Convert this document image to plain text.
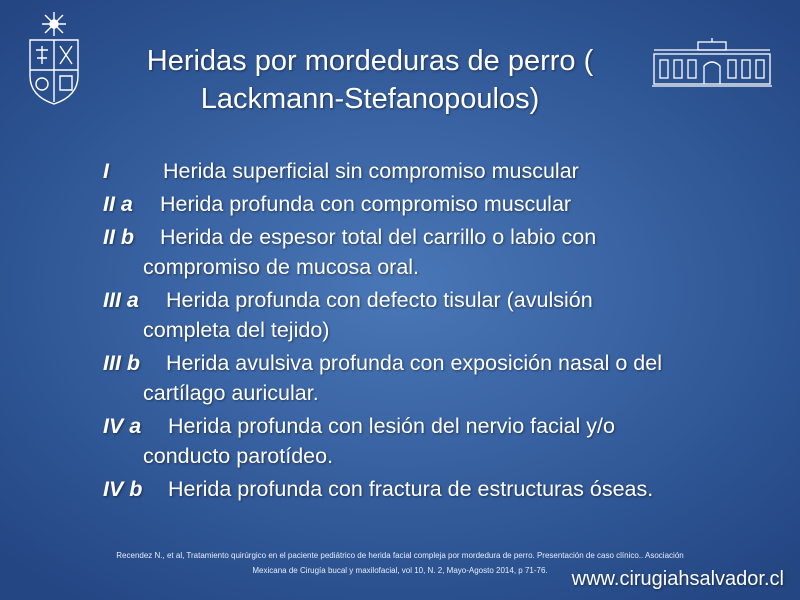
Heridas por mordeduras de perro (
Lackmann-Stefanopoulos)
I	Herida superficial sin compromiso muscular
II a	Herida profunda con compromiso muscular
II b	Herida de espesor total del carrillo o labio con
compromiso de mucosa oral.
III a	Herida profunda con defecto tisular (avulsión
completa del tejido)
III b	Herida avulsiva profunda con exposición nasal o del
cartílago auricular.
IV a	Herida profunda con lesión del nervio facial y/o
conducto parotídeo.
IV b	Herida profunda con fractura de estructuras óseas.
Recendez N., et al, Tratamiento quirúrgico en el paciente pediátrico de herida facial compleja por mordedura de perro. Presentación de caso clínico.. Asociación
Mexicana de Cirugía bucal y maxilofacial, vol 10, N. 2, Mayo-Agosto 2014, p 71-76.	www.cirugiahsalvador.cl
